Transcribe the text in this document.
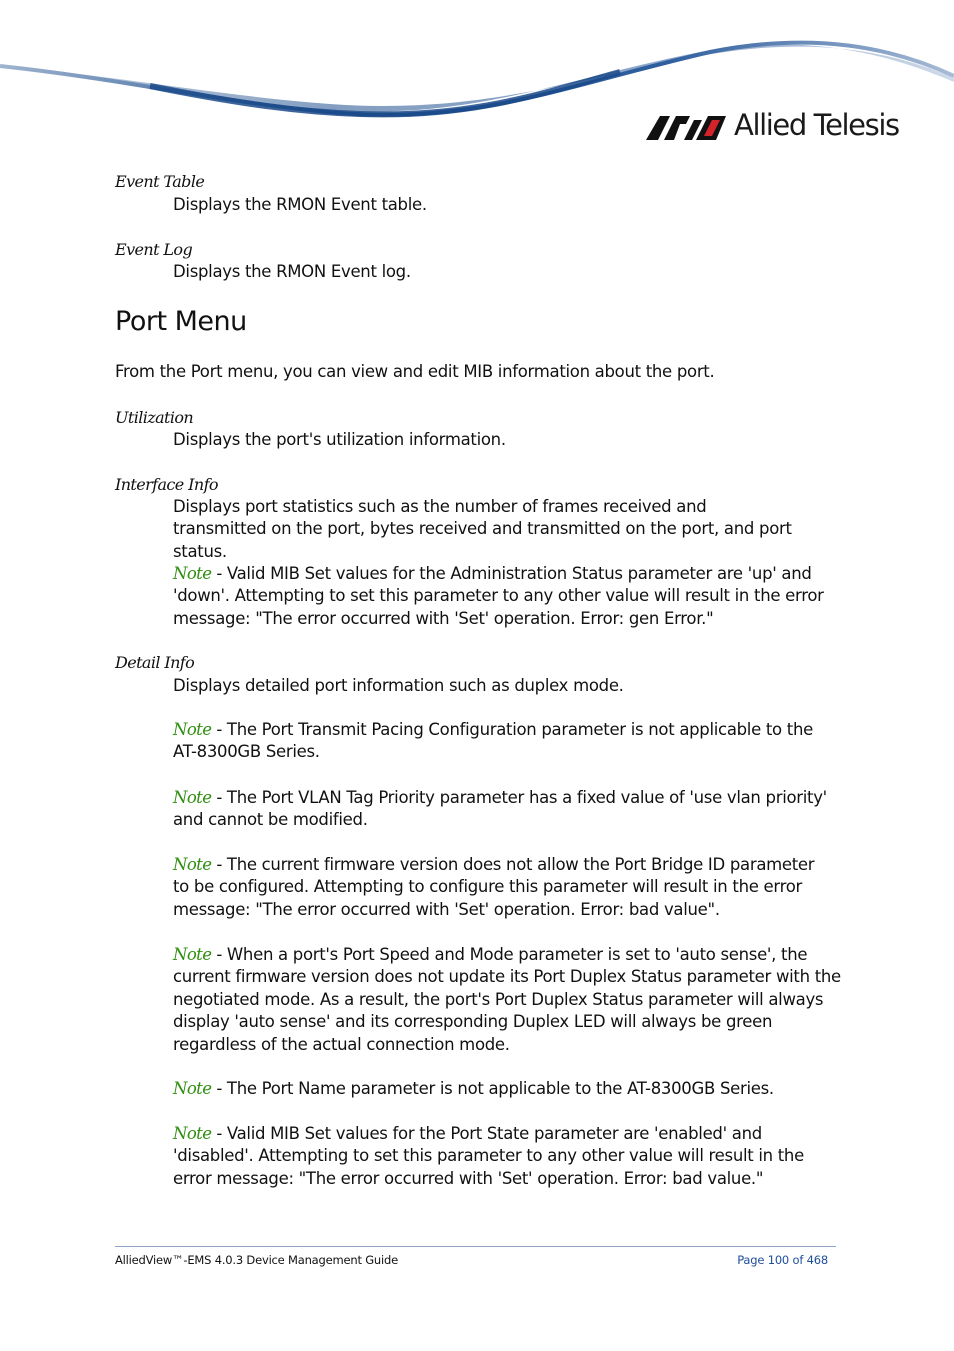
Allied Telesis
Event Table
Displays the RMON Event table.
Event Log
Displays the RMON Event log.
Port Menu
From the Port menu, you can view and edit MIB information about the port.
Utilization
Displays the port's utilization information.
Interface Info
Displays port statistics such as the number of frames received and transmitted on the port, bytes received and transmitted on the port, and port status.
Note - Valid MIB Set values for the Administration Status parameter are 'up' and 'down'. Attempting to set this parameter to any other value will result in the error message: "The error occurred with 'Set' operation. Error: gen Error."
Detail Info
Displays detailed port information such as duplex mode.
Note - The Port Transmit Pacing Configuration parameter is not applicable to the AT-8300GB Series.
Note - The Port VLAN Tag Priority parameter has a fixed value of 'use vlan priority' and cannot be modified.
Note - The current firmware version does not allow the Port Bridge ID parameter to be configured. Attempting to configure this parameter will result in the error message: "The error occurred with 'Set' operation. Error: bad value".
Note - When a port's Port Speed and Mode parameter is set to 'auto sense', the current firmware version does not update its Port Duplex Status parameter with the negotiated mode. As a result, the port's Port Duplex Status parameter will always display 'auto sense' and its corresponding Duplex LED will always be green regardless of the actual connection mode.
Note - The Port Name parameter is not applicable to the AT-8300GB Series.
Note - Valid MIB Set values for the Port State parameter are 'enabled' and 'disabled'. Attempting to set this parameter to any other value will result in the error message: "The error occurred with 'Set' operation. Error: bad value."
AlliedView™-EMS 4.0.3 Device Management Guide	Page 100 of 468
